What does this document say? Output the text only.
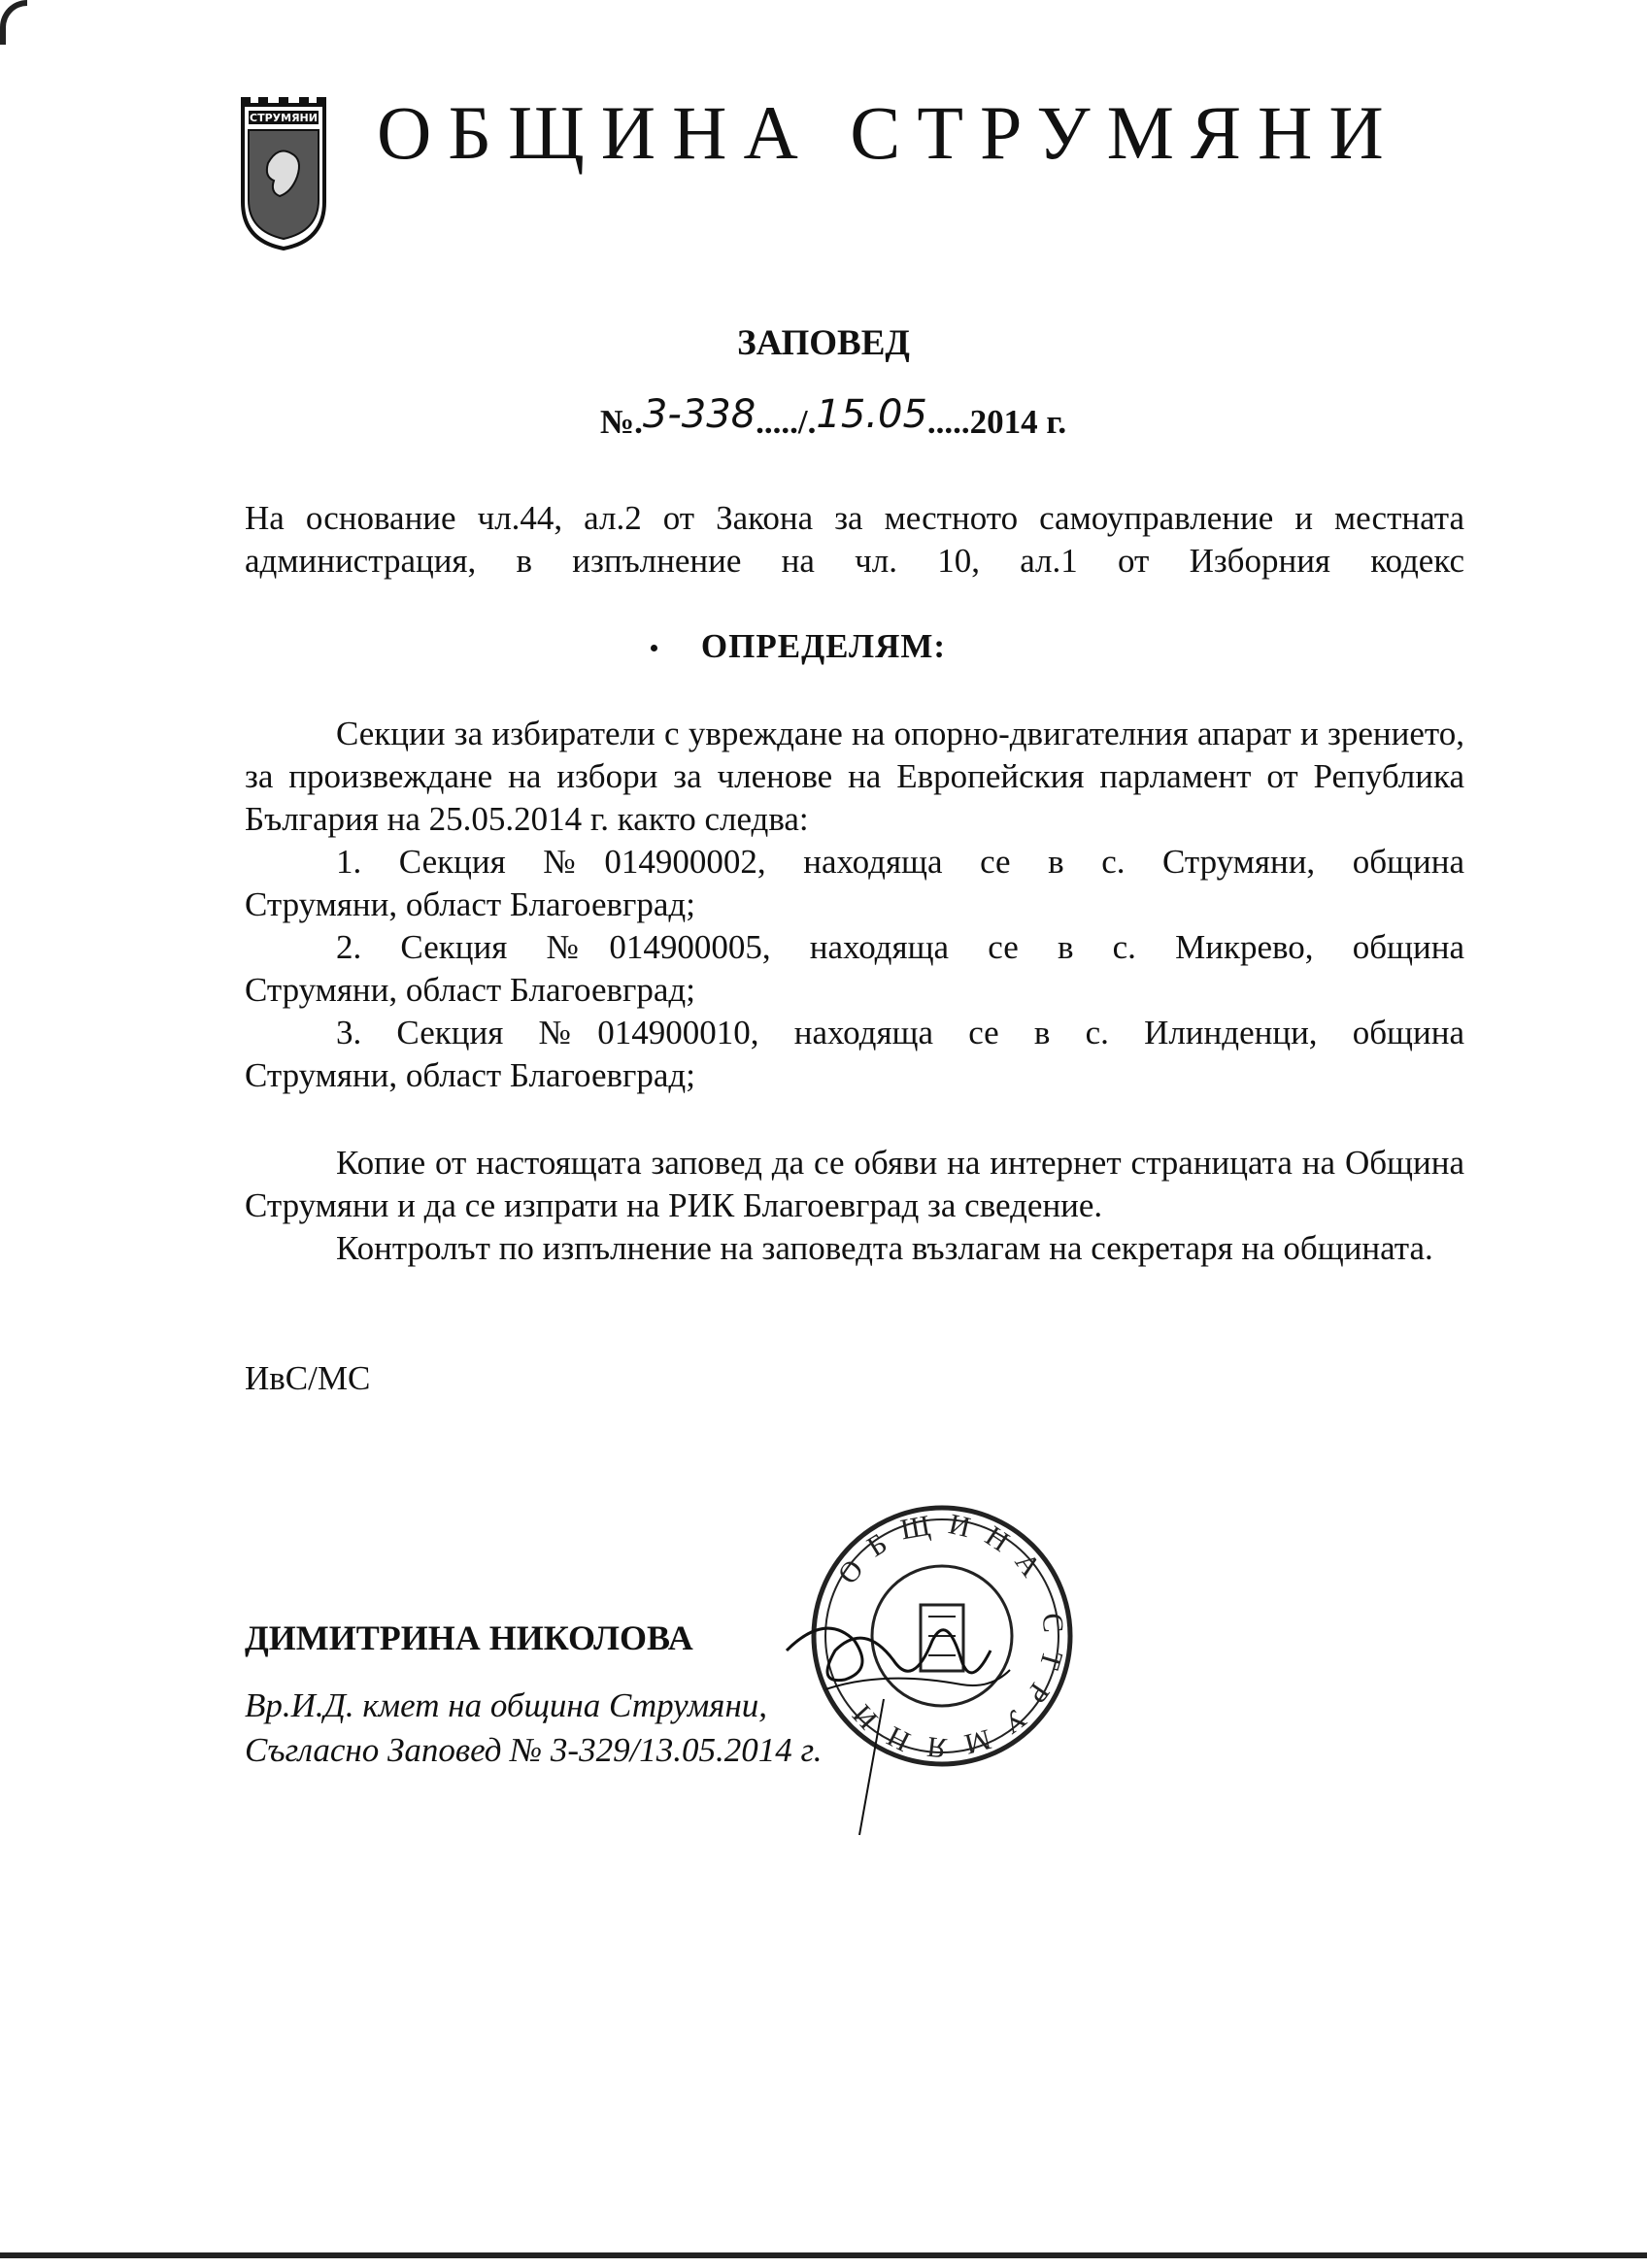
СТРУМЯНИ ОБЩИНА СТРУМЯНИ
ЗАПОВЕД
№.3-338...../.15.05.....2014 г.
На основание чл.44, ал.2 от Закона за местното самоуправление и местната администрация, в изпълнение на чл. 10, ал.1 от Изборния кодекс
ОПРЕДЕЛЯМ:
Секции за избиратели с увреждане на опорно-двигателния апарат и зрението, за произвеждане на избори за членове на Европейския парламент от Република България на 25.05.2014 г. както следва:
1. Секция №014900002, находяща се в с. Струмяни, община
Струмяни, област Благоевград;
2. Секция №014900005, находяща се в с. Микрево, община
Струмяни, област Благоевград;
3. Секция №014900010, находяща се в с. Илинденци, община
Струмяни, област Благоевград;
Копие от настоящата заповед да се обяви на интернет страницата на Община Струмяни и да се изпрати на РИК Благоевград за сведение.
Контролът по изпълнение на заповедта възлагам на секретаря на общината.
ИвС/МС
ОБЩИНА СТРУМЯНИ
ДИМИТРИНА НИКОЛОВА
Вр.И.Д. кмет на община Струмяни,
Съгласно Заповед № 3-329/13.05.2014 г.
